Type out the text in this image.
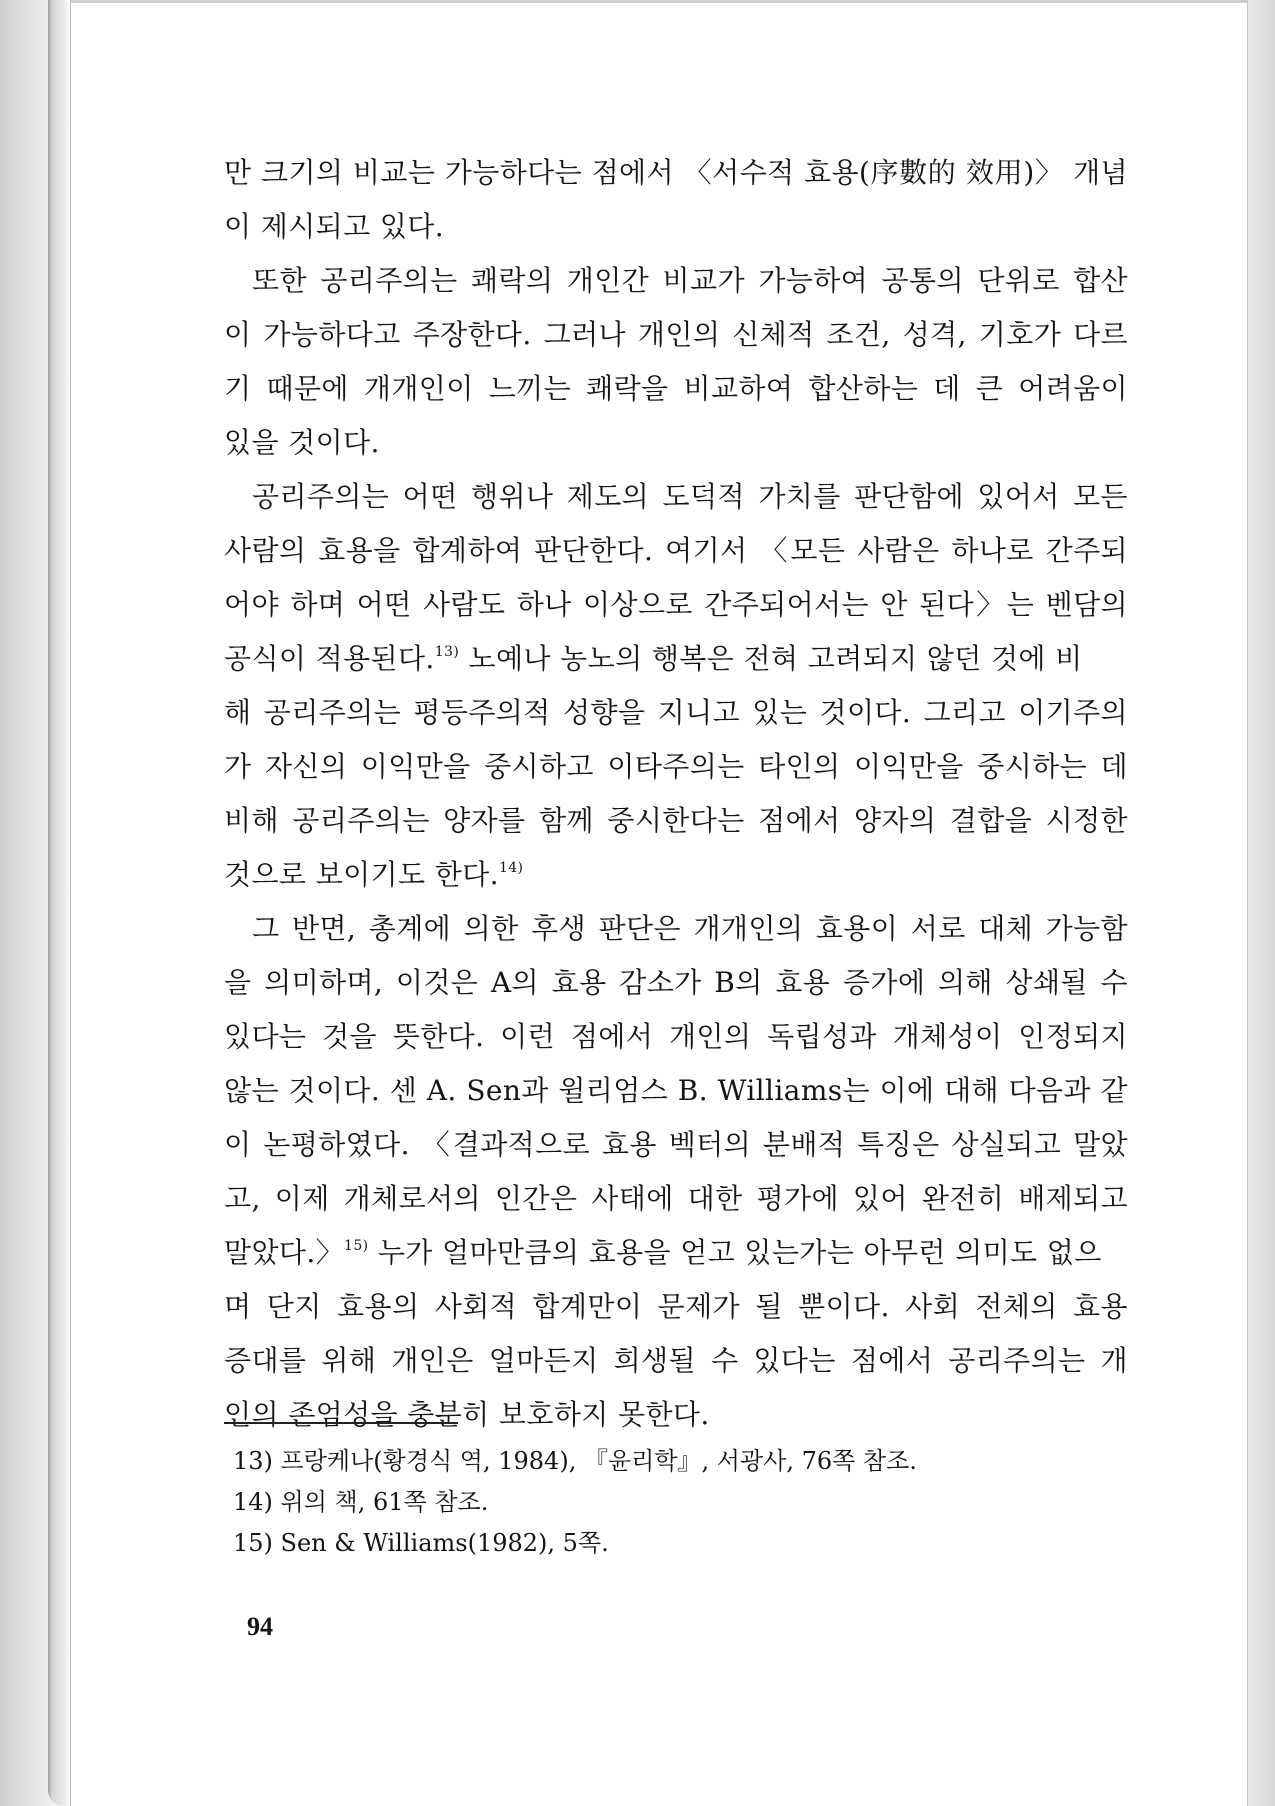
만 크기의 비교는 가능하다는 점에서 〈서수적 효용(序數的 效用)〉 개념
이 제시되고 있다.
또한 공리주의는 쾌락의 개인간 비교가 가능하여 공통의 단위로 합산
이 가능하다고 주장한다. 그러나 개인의 신체적 조건, 성격, 기호가 다르
기 때문에 개개인이 느끼는 쾌락을 비교하여 합산하는 데 큰 어려움이
있을 것이다.
공리주의는 어떤 행위나 제도의 도덕적 가치를 판단함에 있어서 모든
사람의 효용을 합계하여 판단한다. 여기서 〈모든 사람은 하나로 간주되
어야 하며 어떤 사람도 하나 이상으로 간주되어서는 안 된다〉는 벤담의
공식이 적용된다.$^{13)}$ 노예나 농노의 행복은 전혀 고려되지 않던 것에 비
해 공리주의는 평등주의적 성향을 지니고 있는 것이다. 그리고 이기주의
가 자신의 이익만을 중시하고 이타주의는 타인의 이익만을 중시하는 데
비해 공리주의는 양자를 함께 중시한다는 점에서 양자의 결합을 시정한
것으로 보이기도 한다.$^{14)}$
그 반면, 총계에 의한 후생 판단은 개개인의 효용이 서로 대체 가능함
을 의미하며, 이것은 A의 효용 감소가 B의 효용 증가에 의해 상쇄될 수
있다는 것을 뜻한다. 이런 점에서 개인의 독립성과 개체성이 인정되지
않는 것이다. 센 A. Sen과 윌리엄스 B. Williams는 이에 대해 다음과 같
이 논평하였다. 〈결과적으로 효용 벡터의 분배적 특징은 상실되고 말았
고, 이제 개체로서의 인간은 사태에 대한 평가에 있어 완전히 배제되고
말았다.〉$^{15)}$ 누가 얼마만큼의 효용을 얻고 있는가는 아무런 의미도 없으
며 단지 효용의 사회적 합계만이 문제가 될 뿐이다. 사회 전체의 효용
증대를 위해 개인은 얼마든지 희생될 수 있다는 점에서 공리주의는 개
인의 존엄성을 충분히 보호하지 못한다.
13) 프랑케나(황경식 역, 1984), 『윤리학』, 서광사, 76쪽 참조.
14) 위의 책, 61쪽 참조.
15) Sen & Williams(1982), 5쪽.
94
